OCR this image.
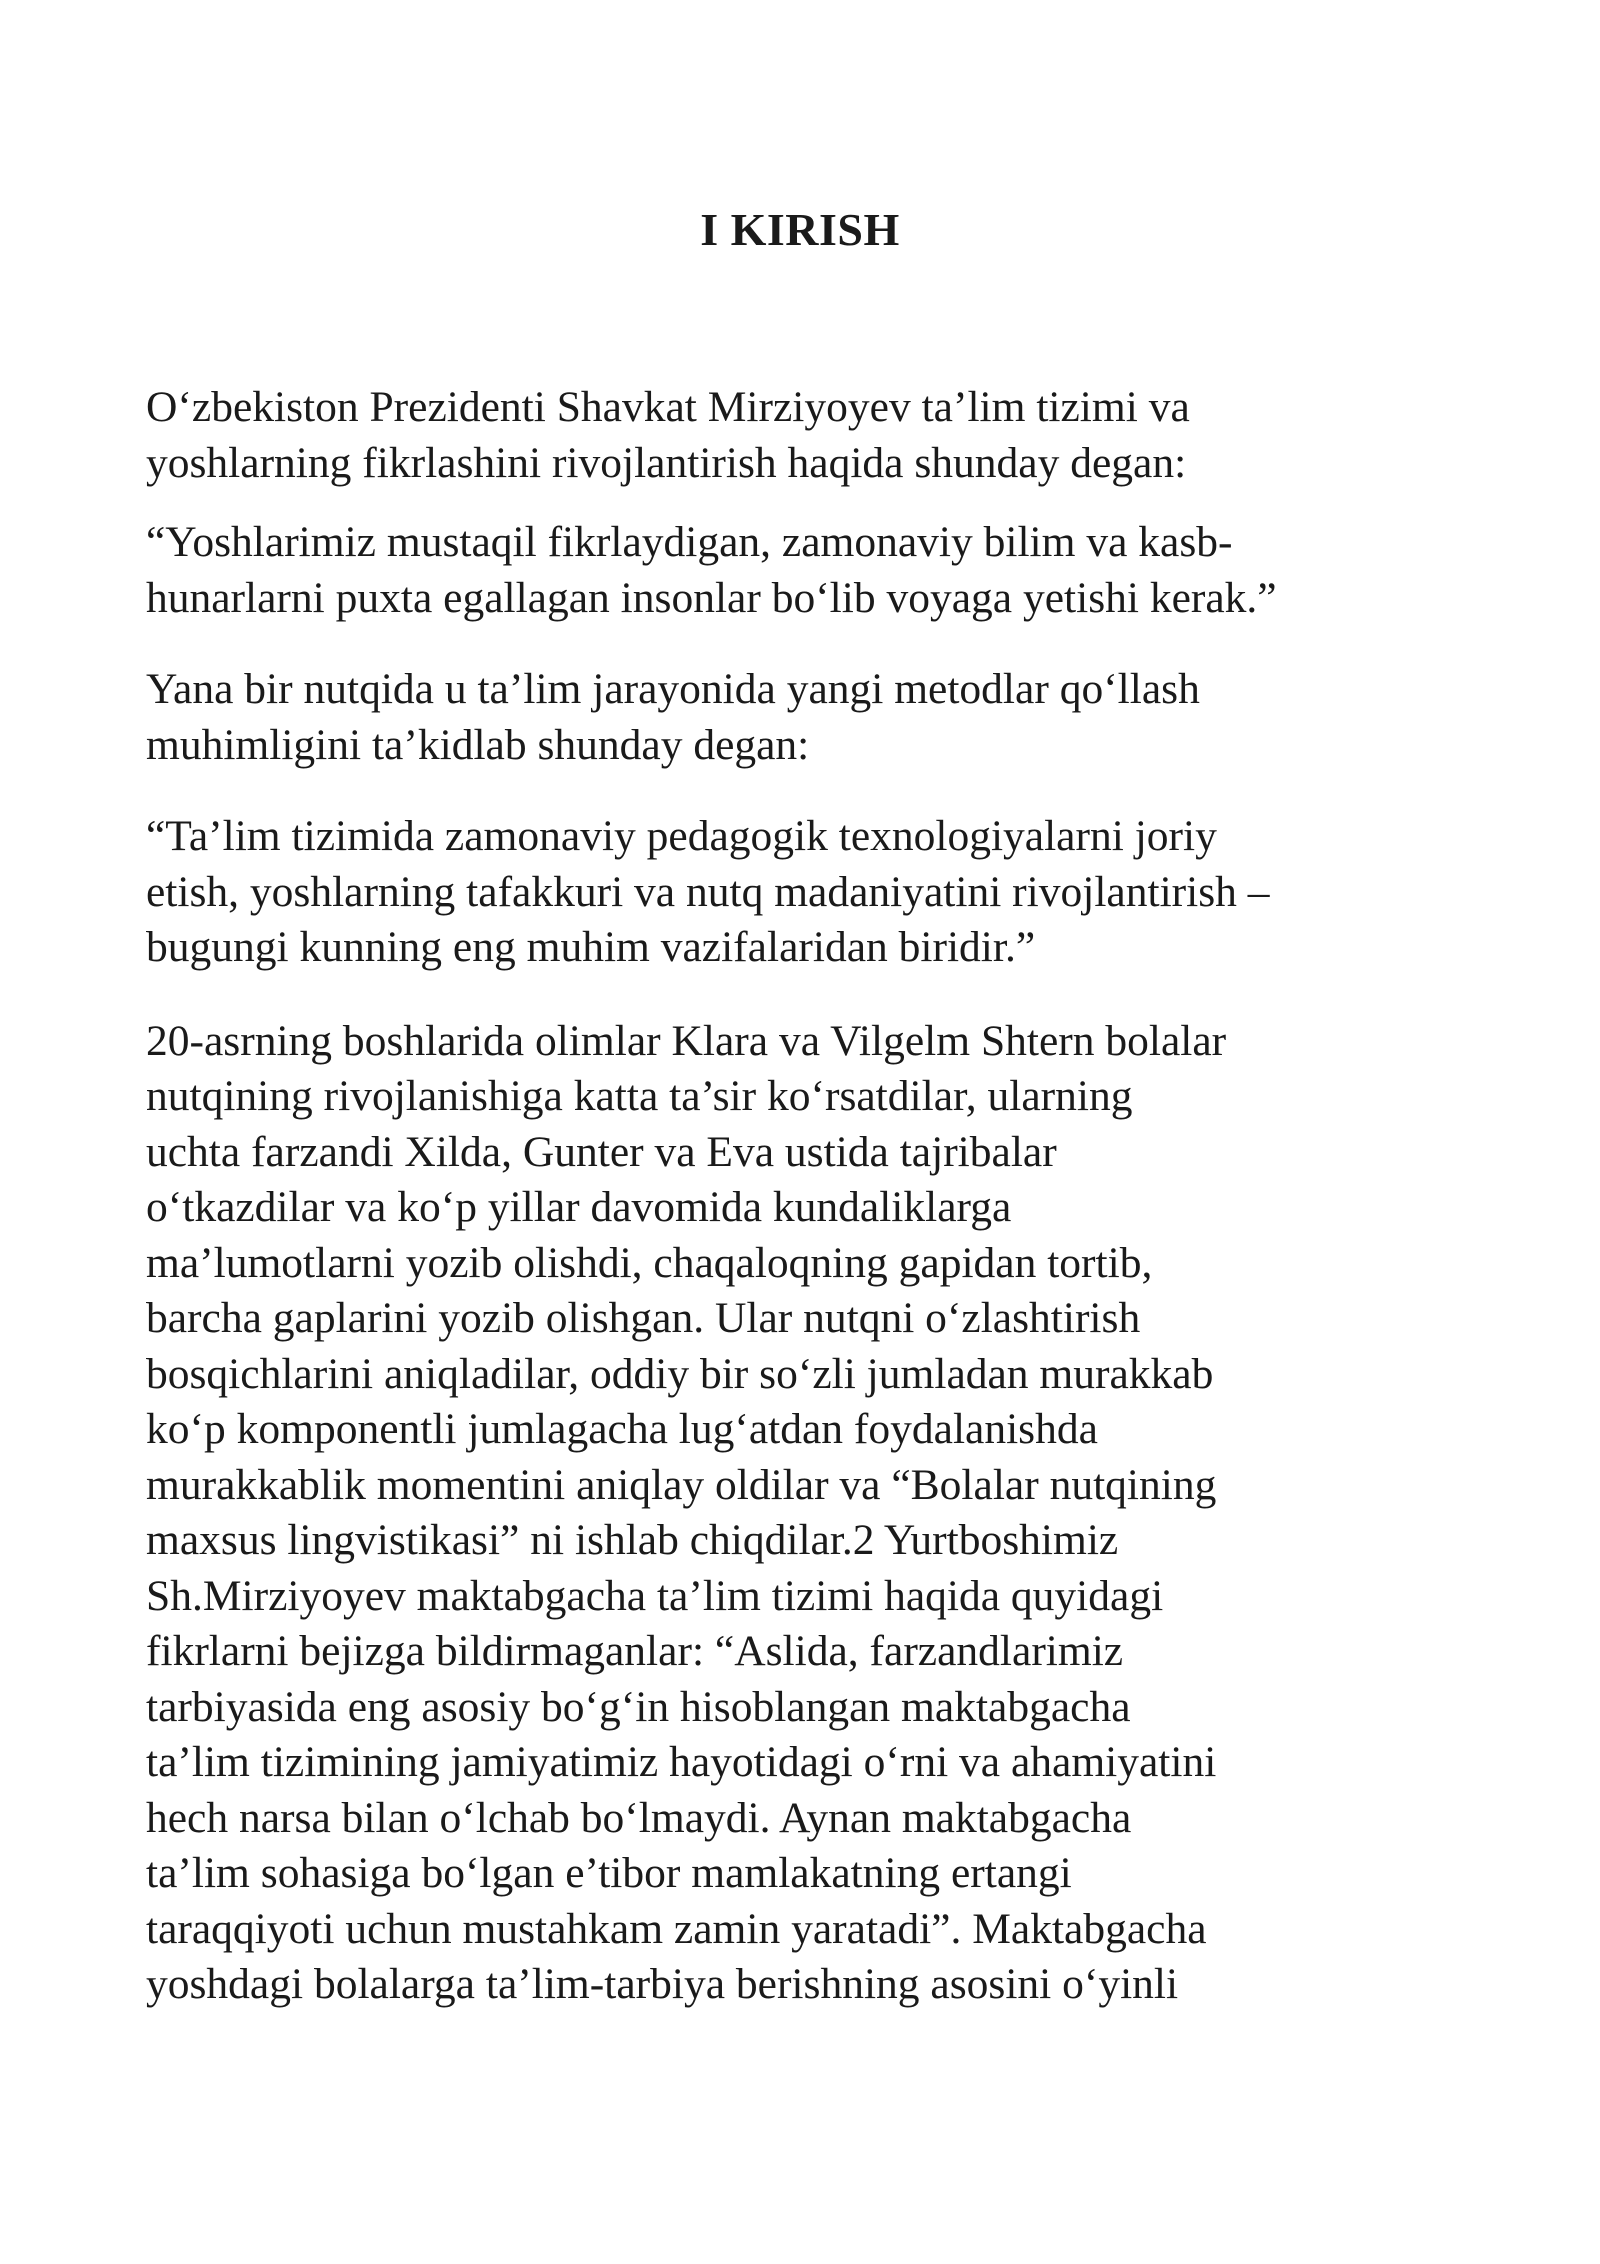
I KIRISH

O‘zbekiston Prezidenti Shavkat Mirziyoyev ta’lim tizimi va
yoshlarning fikrlashini rivojlantirish haqida shunday degan:

“Yoshlarimiz mustaqil fikrlaydigan, zamonaviy bilim va kasb-
hunarlarni puxta egallagan insonlar bo‘lib voyaga yetishi kerak.”

Yana bir nutqida u ta’lim jarayonida yangi metodlar qo‘llash
muhimligini ta’kidlab shunday degan:

“Ta’lim tizimida zamonaviy pedagogik texnologiyalarni joriy
etish, yoshlarning tafakkuri va nutq madaniyatini rivojlantirish –
bugungi kunning eng muhim vazifalaridan biridir.”

20-asrning boshlarida olimlar Klara va Vilgelm Shtern bolalar
nutqining rivojlanishiga katta ta’sir ko‘rsatdilar, ularning
uchta farzandi Xilda, Gunter va Eva ustida tajribalar
o‘tkazdilar va ko‘p yillar davomida kundaliklarga
ma’lumotlarni yozib olishdi, chaqaloqning gapidan tortib,
barcha gaplarini yozib olishgan. Ular nutqni o‘zlashtirish
bosqichlarini aniqladilar, oddiy bir so‘zli jumladan murakkab
ko‘p komponentli jumlagacha lug‘atdan foydalanishda
murakkablik momentini aniqlay oldilar va “Bolalar nutqining
maxsus lingvistikasi” ni ishlab chiqdilar.2 Yurtboshimiz
Sh.Mirziyoyev maktabgacha ta’lim tizimi haqida quyidagi
fikrlarni bejizga bildirmaganlar: “Aslida, farzandlarimiz
tarbiyasida eng asosiy bo‘g‘in hisoblangan maktabgacha
ta’lim tizimining jamiyatimiz hayotidagi o‘rni va ahamiyatini
hech narsa bilan o‘lchab bo‘lmaydi. Aynan maktabgacha
ta’lim sohasiga bo‘lgan e’tibor mamlakatning ertangi
taraqqiyoti uchun mustahkam zamin yaratadi”. Maktabgacha
yoshdagi bolalarga ta’lim-tarbiya berishning asosini o‘yinli
